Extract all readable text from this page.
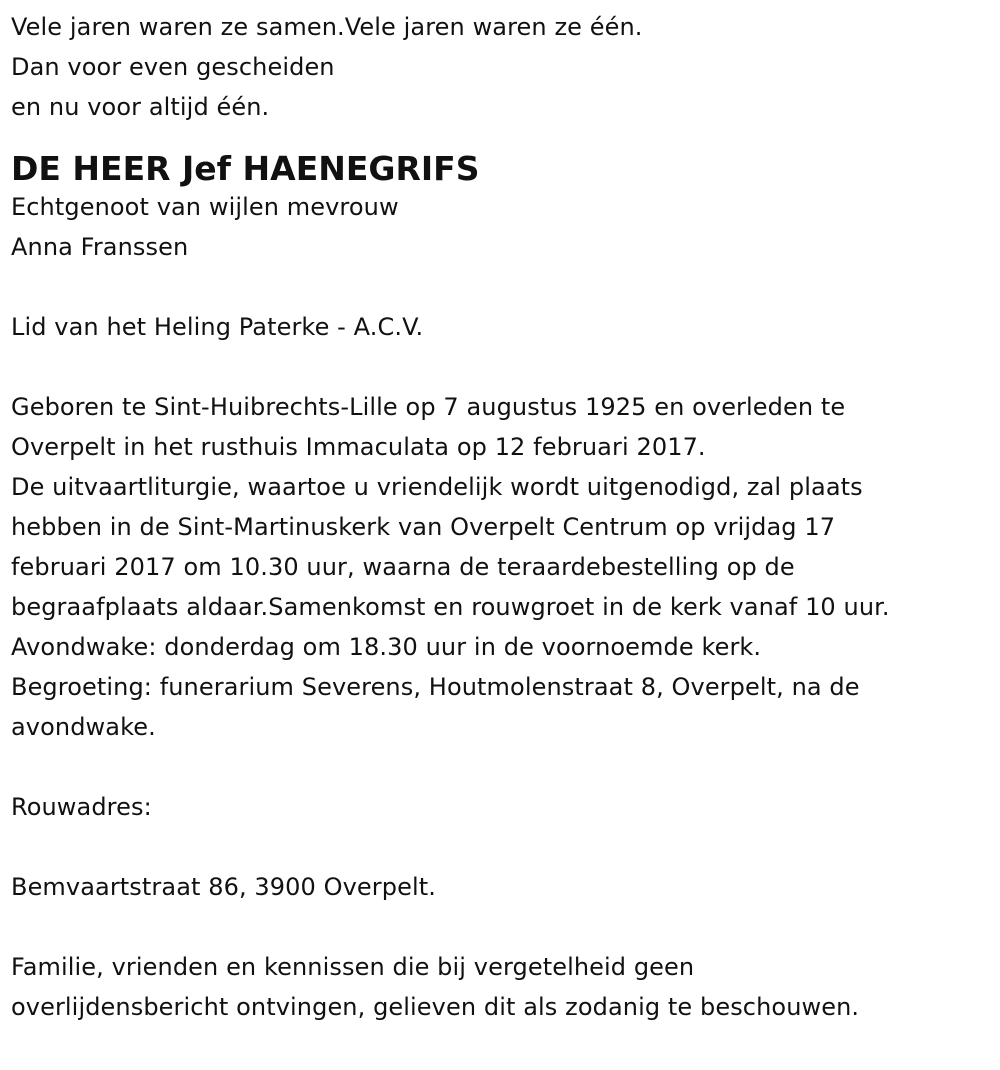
Vele jaren waren ze samen.Vele jaren waren ze één.
Dan voor even gescheiden
en nu voor altijd één.
DE HEER Jef HAENEGRIFS
Echtgenoot van wijlen mevrouw
Anna Franssen
Lid van het Heling Paterke - A.C.V.
Geboren te Sint-Huibrechts-Lille op 7 augustus 1925 en overleden te
Overpelt in het rusthuis Immaculata op 12 februari 2017.
De uitvaartliturgie, waartoe u vriendelijk wordt uitgenodigd, zal plaats
hebben in de Sint-Martinuskerk van Overpelt Centrum op vrijdag 17
februari 2017 om 10.30 uur, waarna de teraardebestelling op de
begraafplaats aldaar.Samenkomst en rouwgroet in de kerk vanaf 10 uur.
Avondwake: donderdag om 18.30 uur in de voornoemde kerk.
Begroeting: funerarium Severens, Houtmolenstraat 8, Overpelt, na de
avondwake.
Rouwadres:
Bemvaartstraat 86, 3900 Overpelt.
Familie, vrienden en kennissen die bij vergetelheid geen
overlijdensbericht ontvingen, gelieven dit als zodanig te beschouwen.
